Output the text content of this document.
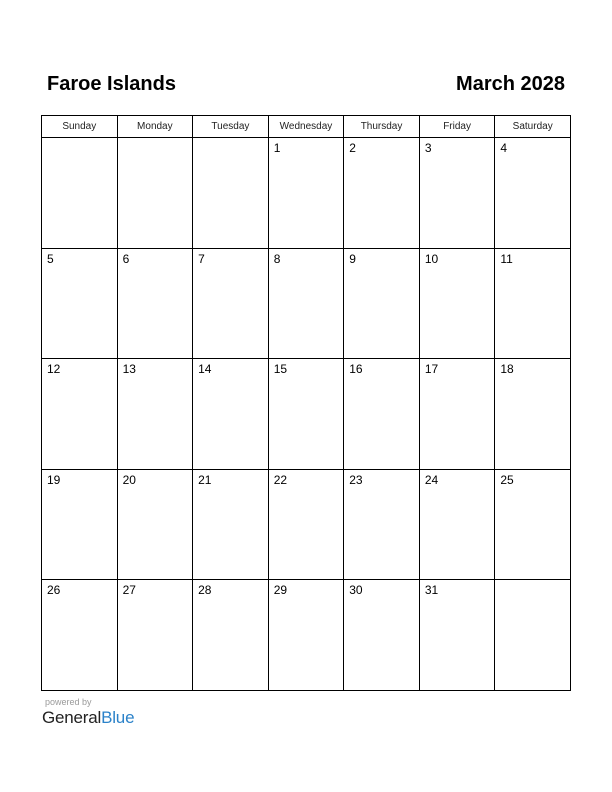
Faroe Islands	March 2028
Sunday	Monday	Tuesday	Wednesday	Thursday	Friday	Saturday

			1	2	3	4

5	6	7	8	9	10	11

12	13	14	15	16	17	18

19	20	21	22	23	24	25

26	27	28	29	30	31	

powered by
GeneralBlue
